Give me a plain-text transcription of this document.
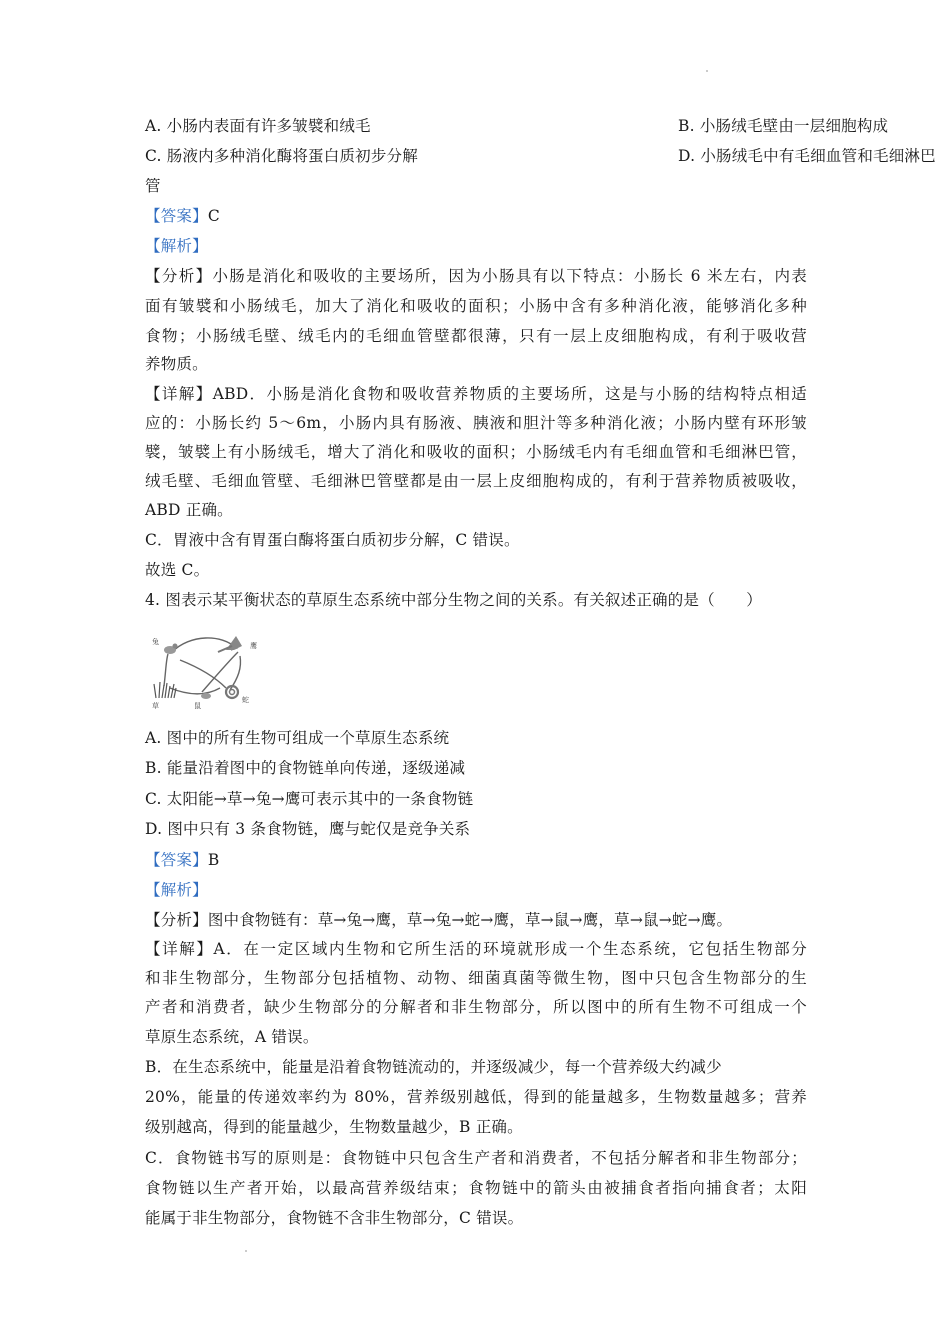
A. 小肠内表面有许多皱襞和绒毛	B. 小肠绒毛壁由一层细胞构成
C. 肠液内多种消化酶将蛋白质初步分解	D. 小肠绒毛中有毛细血管和毛细淋巴
管
【答案】C
【解析】
【分析】小肠是消化和吸收的主要场所，因为小肠具有以下特点：小肠长 6 米左右，内表
面有皱襞和小肠绒毛，加大了消化和吸收的面积；小肠中含有多种消化液，能够消化多种
食物；小肠绒毛壁、绒毛内的毛细血管壁都很薄，只有一层上皮细胞构成，有利于吸收营
养物质。
【详解】ABD．小肠是消化食物和吸收营养物质的主要场所，这是与小肠的结构特点相适
应的：小肠长约 5～6m，小肠内具有肠液、胰液和胆汁等多种消化液；小肠内壁有环形皱
襞，皱襞上有小肠绒毛，增大了消化和吸收的面积；小肠绒毛内有毛细血管和毛细淋巴管，
绒毛壁、毛细血管壁、毛细淋巴管壁都是由一层上皮细胞构成的，有利于营养物质被吸收，
ABD 正确。
C．胃液中含有胃蛋白酶将蛋白质初步分解，C 错误。
故选 C。
4. 图表示某平衡状态的草原生态系统中部分生物之间的关系。有关叙述正确的是（　　）
兔	鹰
草	鼠
蛇
A. 图中的所有生物可组成一个草原生态系统
B. 能量沿着图中的食物链单向传递，逐级递减
C. 太阳能→草→兔→鹰可表示其中的一条食物链
D. 图中只有 3 条食物链，鹰与蛇仅是竞争关系
【答案】B
【解析】
【分析】图中食物链有：草→兔→鹰，草→兔→蛇→鹰，草→鼠→鹰，草→鼠→蛇→鹰。
【详解】A．在一定区域内生物和它所生活的环境就形成一个生态系统，它包括生物部分
和非生物部分，生物部分包括植物、动物、细菌真菌等微生物，图中只包含生物部分的生
产者和消费者，缺少生物部分的分解者和非生物部分，所以图中的所有生物不可组成一个
草原生态系统，A 错误。
B．在生态系统中，能量是沿着食物链流动的，并逐级减少，每一个营养级大约减少
20%，能量的传递效率约为 80%，营养级别越低，得到的能量越多，生物数量越多；营养
级别越高，得到的能量越少，生物数量越少，B 正确。
C．食物链书写的原则是：食物链中只包含生产者和消费者，不包括分解者和非生物部分；
食物链以生产者开始，以最高营养级结束；食物链中的箭头由被捕食者指向捕食者；太阳
能属于非生物部分，食物链不含非生物部分，C 错误。
